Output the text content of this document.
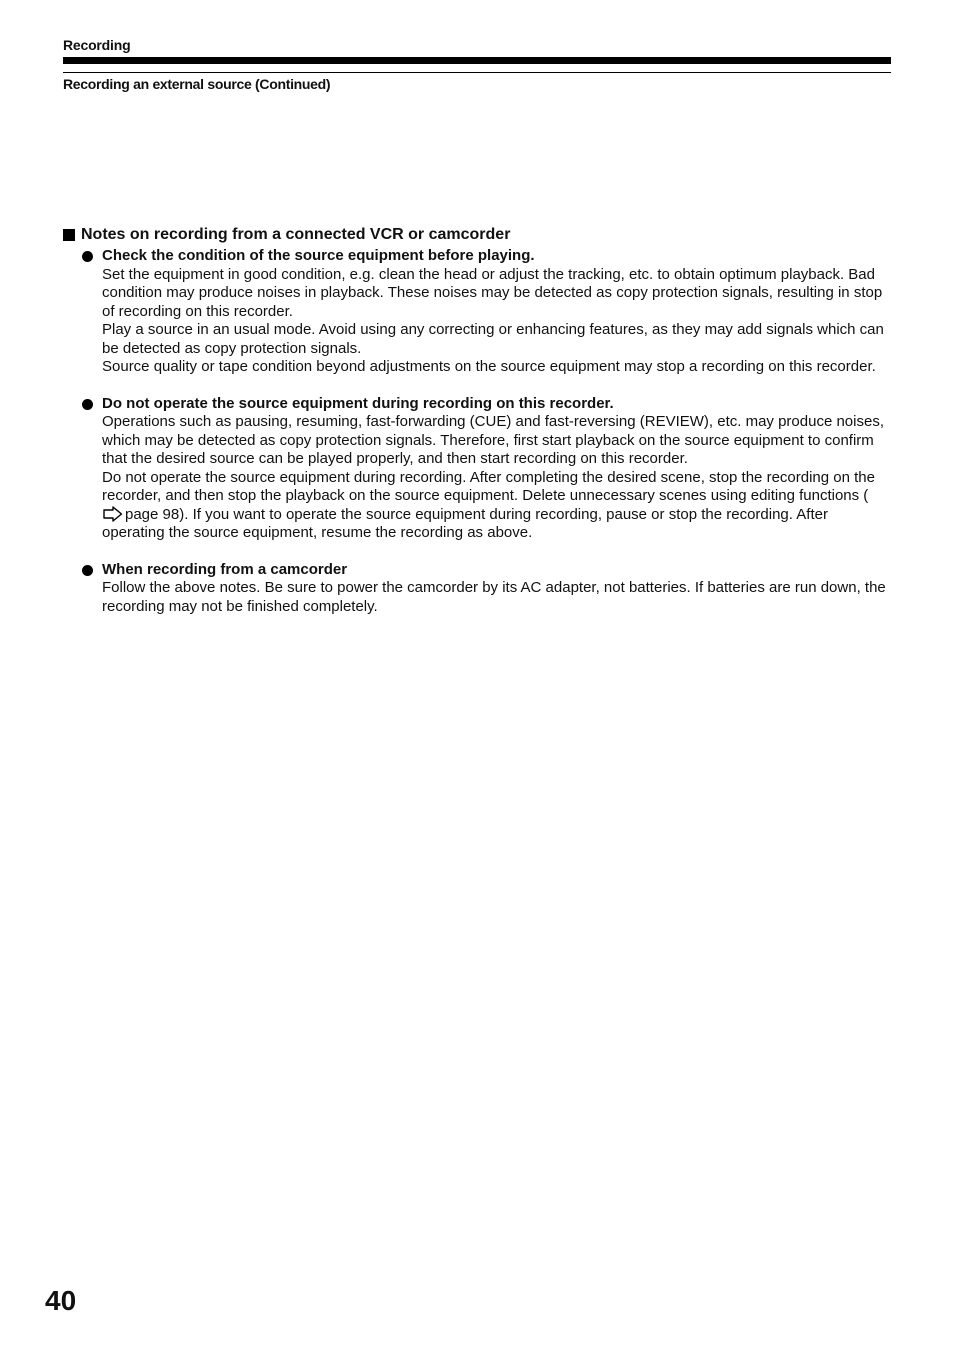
Recording
Recording an external source (Continued)
Notes on recording from a connected VCR or camcorder
Check the condition of the source equipment before playing.

Set the equipment in good condition, e.g. clean the head or adjust the tracking, etc. to obtain optimum playback. Bad condition may produce noises in playback. These noises may be detected as copy protection signals, resulting in stop of recording on this recorder.

Play a source in an usual mode. Avoid using any correcting or enhancing features, as they may add signals which can be detected as copy protection signals.

Source quality or tape condition beyond adjustments on the source equipment may stop a recording on this recorder.

Do not operate the source equipment during recording on this recorder.

Operations such as pausing, resuming, fast-forwarding (CUE) and fast-reversing (REVIEW), etc. may produce noises, which may be detected as copy protection signals. Therefore, first start playback on the source equipment to confirm that the desired source can be played properly, and then start recording on this recorder.

Do not operate the source equipment during recording. After completing the desired scene, stop the recording on the recorder, and then stop the playback on the source equipment. Delete unnecessary scenes using editing functions (page 98). If you want to operate the source equipment during recording, pause or stop the recording. After operating the source equipment, resume the recording as above.

When recording from a camcorder

Follow the above notes. Be sure to power the camcorder by its AC adapter, not batteries. If batteries are run down, the recording may not be finished completely.

40
